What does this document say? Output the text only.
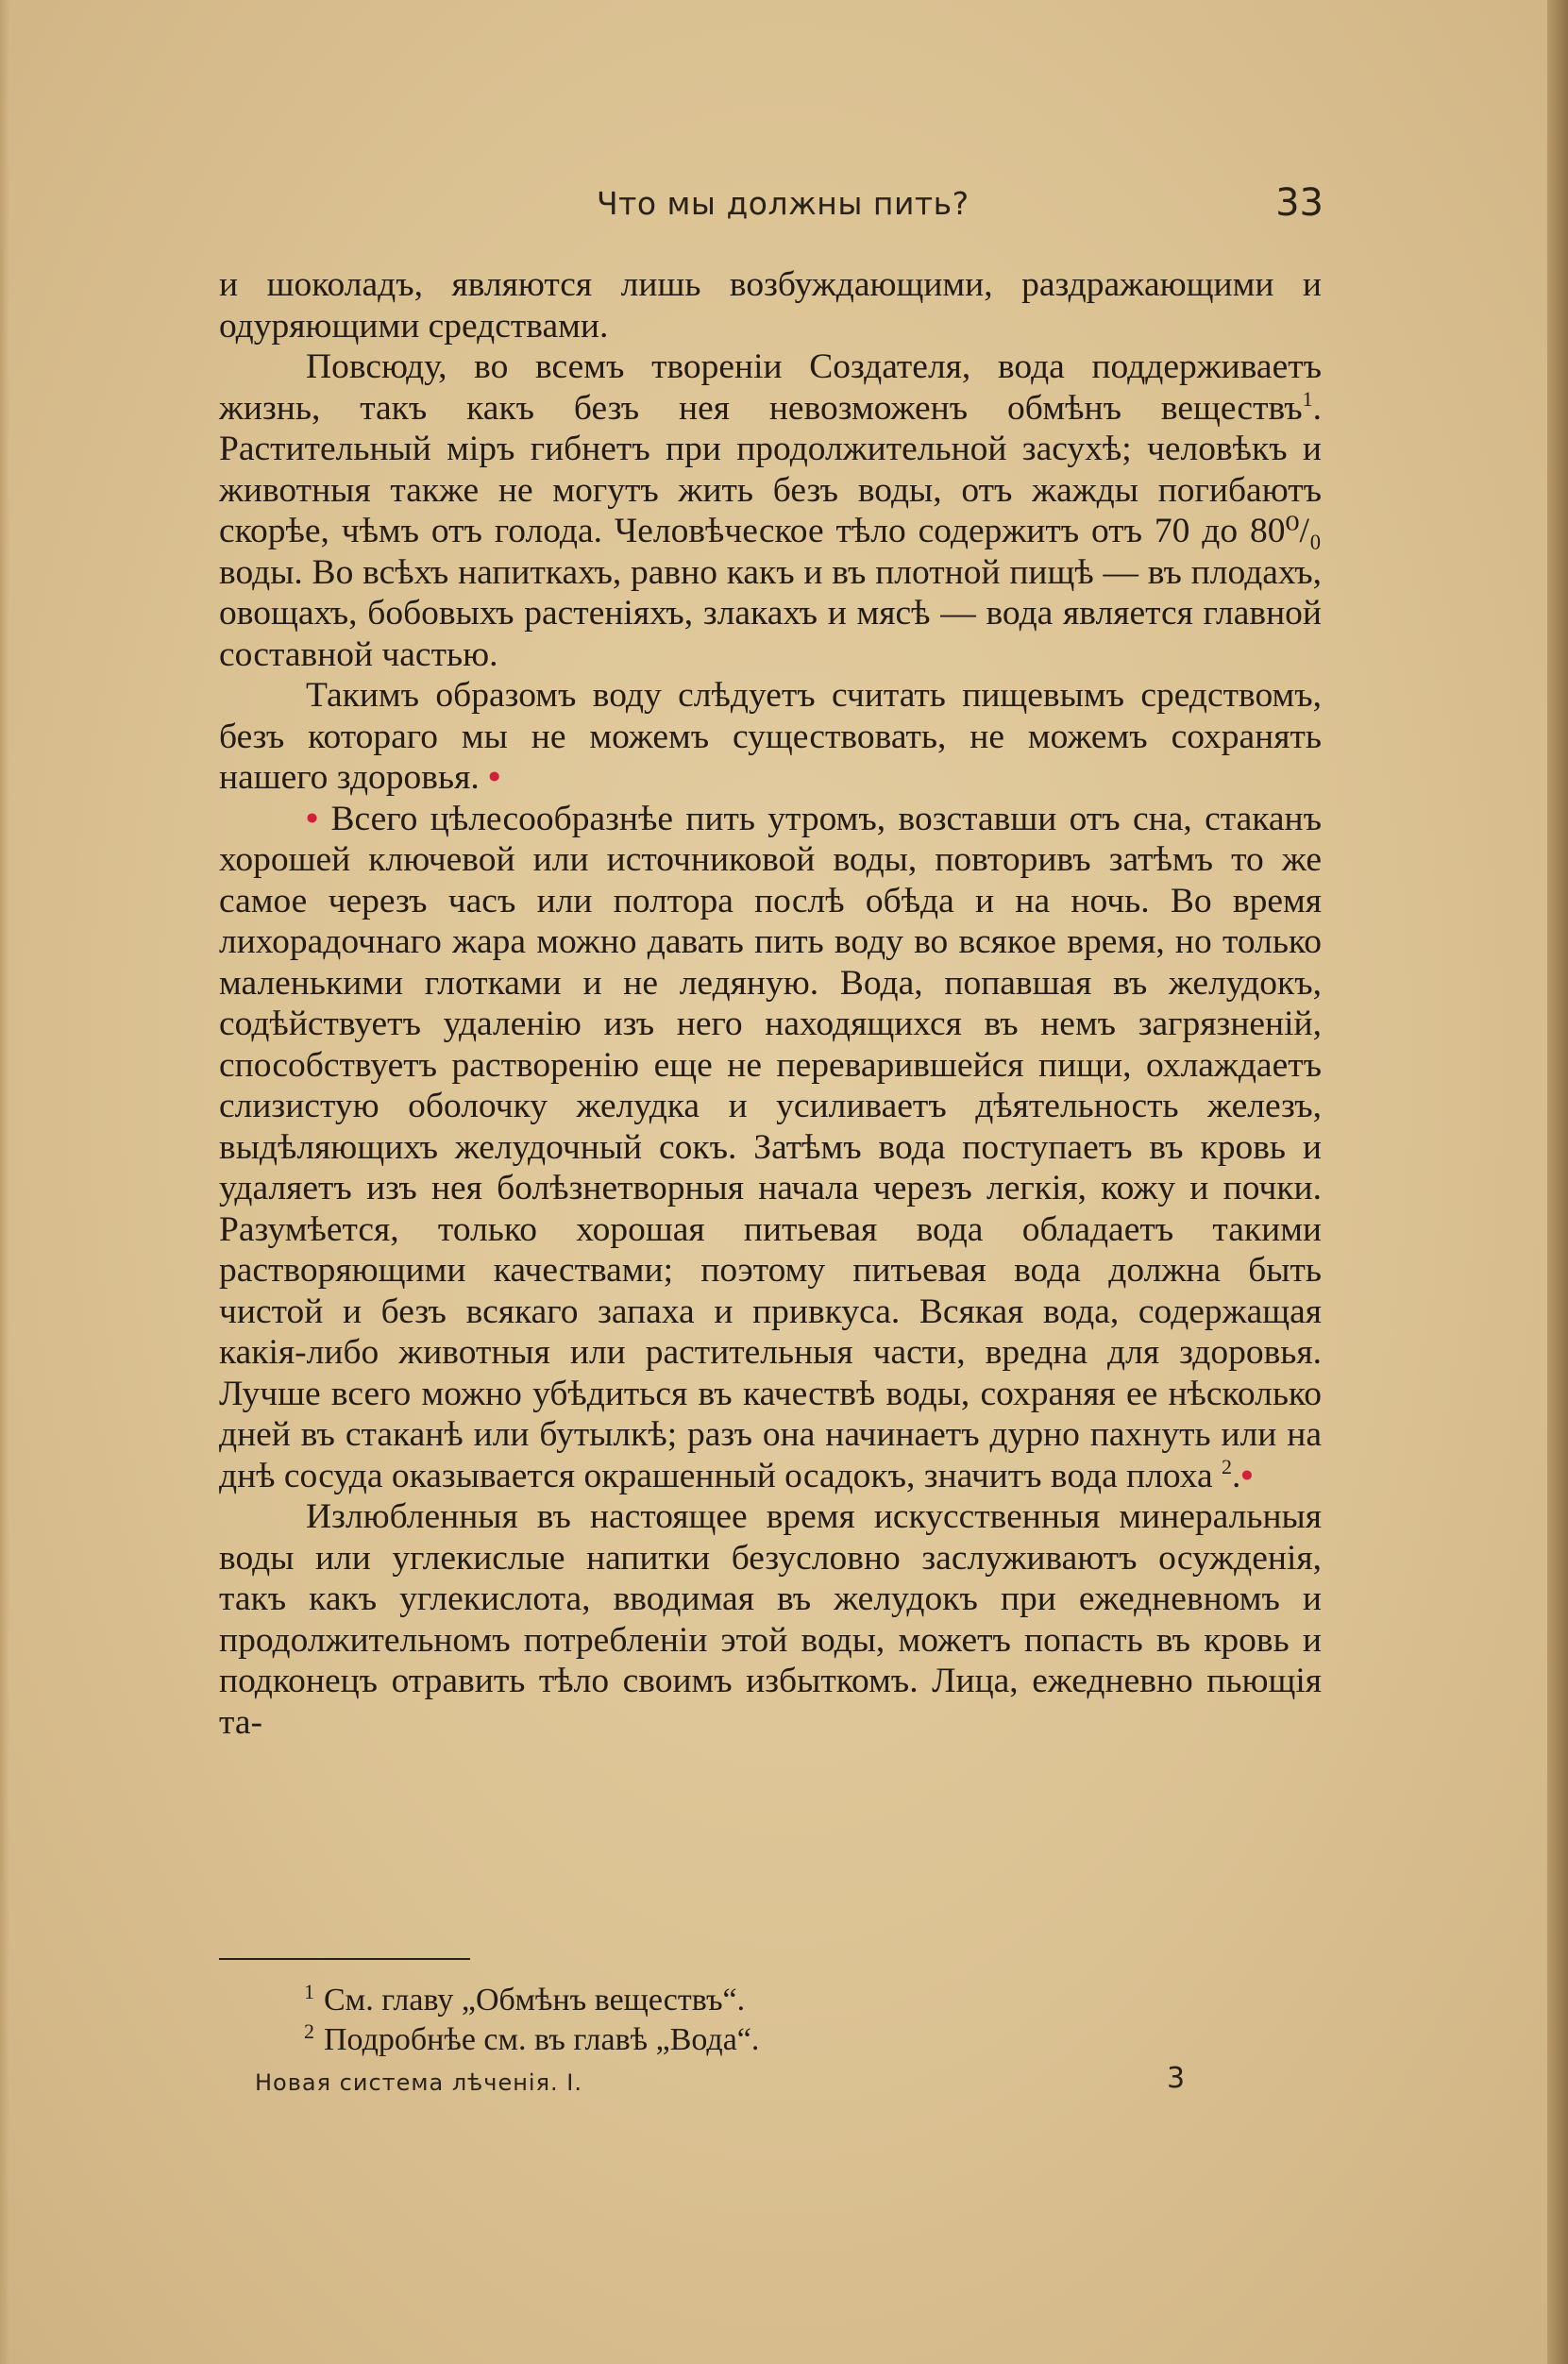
Что мы должны пить?	33

и шоколадъ, являются лишь возбуждающими, раздражающими и одуряющими средствами.

Повсюду, во всемъ твореніи Создателя, вода поддерживаетъ жизнь, такъ какъ безъ нея невозможенъ обмѣнъ веществъ$^1$. Растительный міръ гибнетъ при продолжительной засухѣ; человѣкъ и животныя также не могутъ жить безъ воды, отъ жажды погибаютъ скорѣе, чѣмъ отъ голода. Человѣческое тѣло содержитъ отъ 70 до 80⁰/₀ воды. Во всѣхъ напиткахъ, равно какъ и въ плотной пищѣ — въ плодахъ, овощахъ, бобовыхъ растеніяхъ, злакахъ и мясѣ — вода является главной составной частью.

Такимъ образомъ воду слѣдуетъ считать пищевымъ средствомъ, безъ котораго мы не можемъ существовать, не можемъ сохранять нашего здоровья. •

• Всего цѣлесообразнѣе пить утромъ, возставши отъ сна, стаканъ хорошей ключевой или источниковой воды, повторивъ затѣмъ то же самое черезъ часъ или полтора послѣ обѣда и на ночь. Во время лихорадочнаго жара можно давать пить воду во всякое время, но только маленькими глотками и не ледяную. Вода, попавшая въ желудокъ, содѣйствуетъ удаленію изъ него находящихся въ немъ загрязненій, способствуетъ растворенію еще не переварившейся пищи, охлаждаетъ слизистую оболочку желудка и усиливаетъ дѣятельность железъ, выдѣляющихъ желудочный сокъ. Затѣмъ вода поступаетъ въ кровь и удаляетъ изъ нея болѣзнетворныя начала черезъ легкія, кожу и почки. Разумѣется, только хорошая питьевая вода обладаетъ такими растворяющими качествами; поэтому питьевая вода должна быть чистой и безъ всякаго запаха и привкуса. Всякая вода, содержащая какія-либо животныя или растительныя части, вредна для здоровья. Лучше всего можно убѣдиться въ качествѣ воды, сохраняя ее нѣсколько дней въ стаканѣ или бутылкѣ; разъ она начинаетъ дурно пахнуть или на днѣ сосуда оказывается окрашенный осадокъ, значитъ вода плоха $^2$.•

Излюбленныя въ настоящее время искусственныя минеральныя воды или углекислые напитки безусловно заслуживаютъ осужденія, такъ какъ углекислота, вводимая въ желудокъ при ежедневномъ и продолжительномъ потребленіи этой воды, можетъ попасть въ кровь и подконецъ отравить тѣло своимъ избыткомъ. Лица, ежедневно пьющія та-

$^1$ См. главу „Обмѣнъ веществъ“.
$^2$ Подробнѣе см. въ главѣ „Вода“.
Новая система лѣченія. I.	3
